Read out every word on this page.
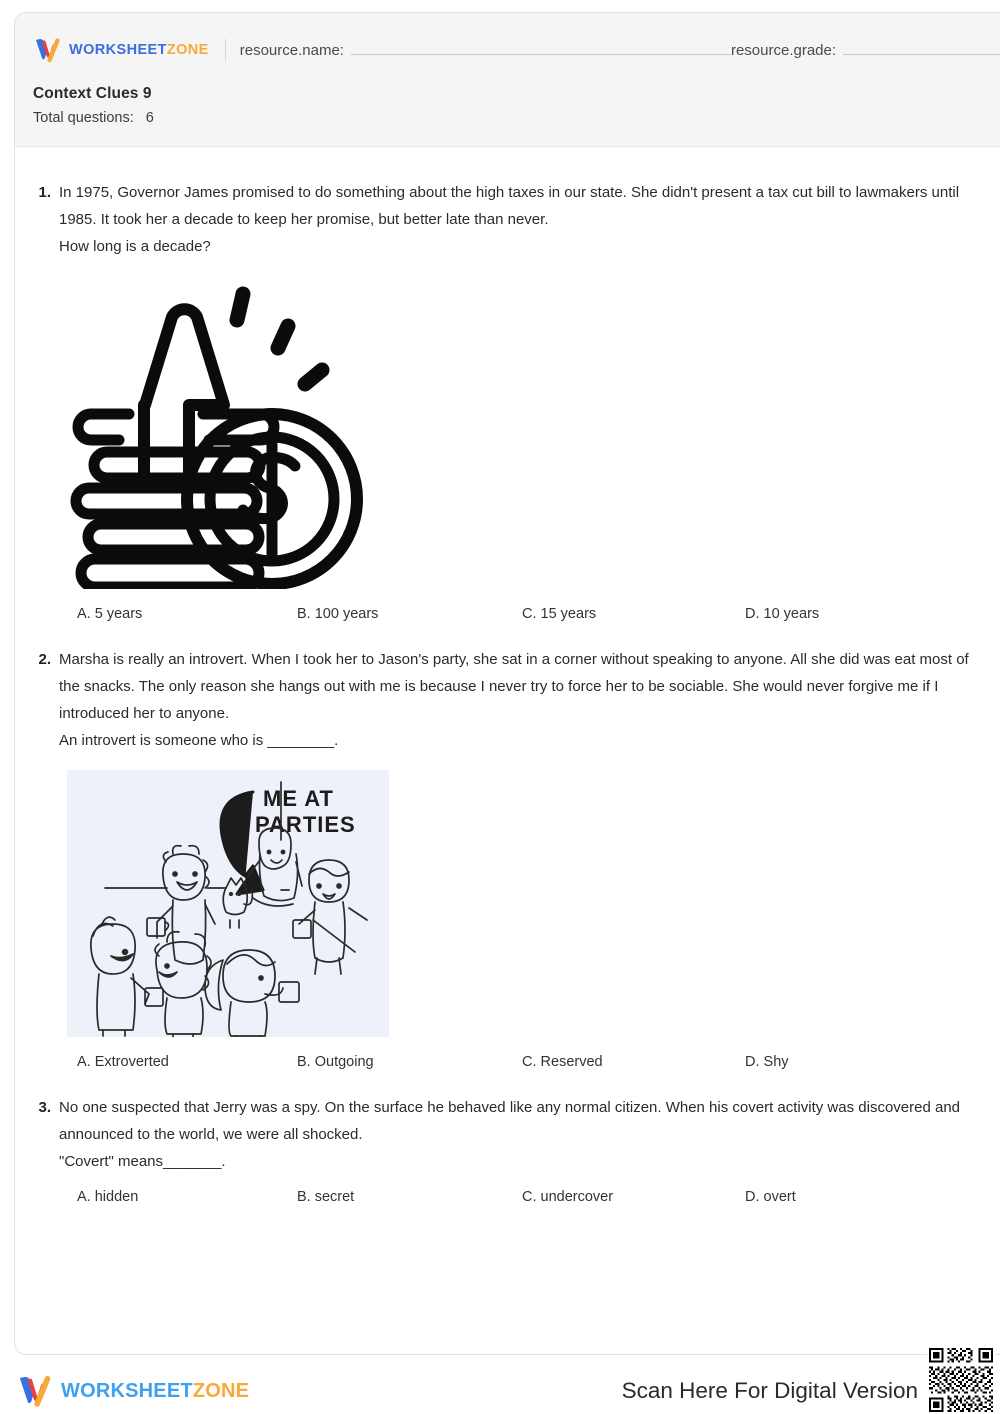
WORKSHEETZONE resource.name:	resource.grade:
Context Clues 9
Total questions: 6
1. In 1975, Governor James promised to do something about the high taxes in our state. She didn't present a tax cut bill to lawmakers until 1985. It took her a decade to keep her promise, but better late than never.
How long is a decade?
A. 5 years	B. 100 years	C. 15 years	D. 10 years
2. Marsha is really an introvert. When I took her to Jason's party, she sat in a corner without speaking to anyone. All she did was eat most of the snacks. The only reason she hangs out with me is because I never try to force her to be sociable. She would never forgive me if I introduced her to anyone.
An introvert is someone who is ________.
ME AT
PARTIES
A. Extroverted	B. Outgoing	C. Reserved	D. Shy
3. No one suspected that Jerry was a spy. On the surface he behaved like any normal citizen. When his covert activity was discovered and announced to the world, we were all shocked.
"Covert" means_______.
A. hidden	B. secret	C. undercover	D. overt
WORKSHEETZONE	Scan Here For Digital Version
